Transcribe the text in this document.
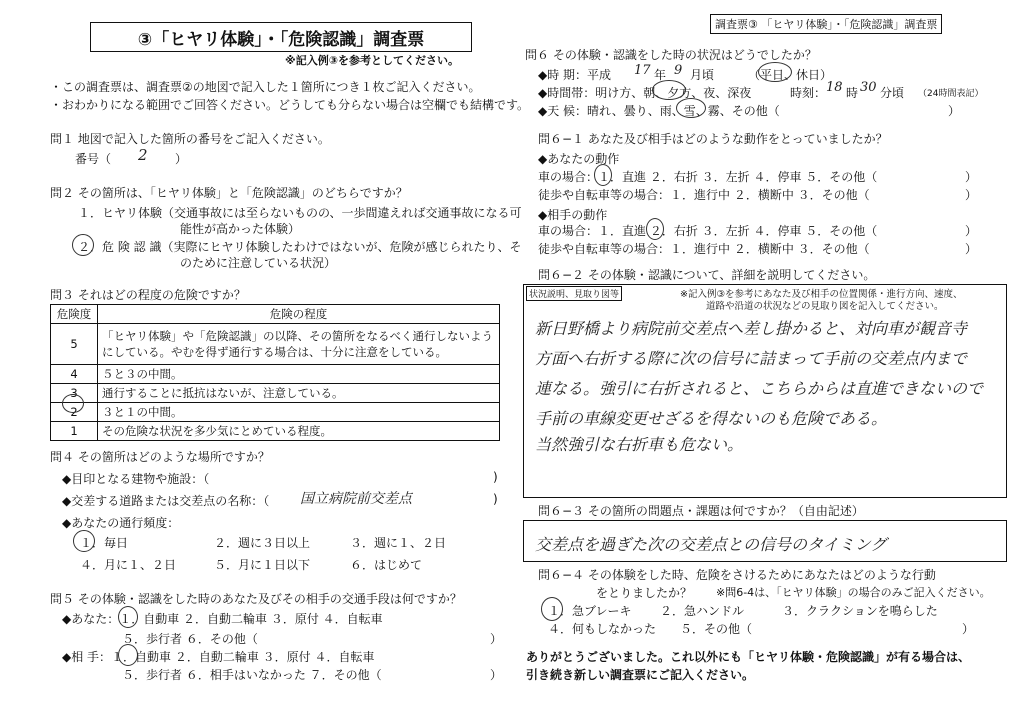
③「ヒヤリ体験」・「危険認識」調査票
※記入例③を参考としてください。
調査票③ 「ヒヤリ体験」・「危険認識」調査票
・この調査票は、調査票②の地図で記入した１箇所につき１枚ご記入ください。
・おわかりになる範囲でご回答ください。どうしても分らない場合は空欄でも結構です。
問１ 地図で記入した箇所の番号をご記入ください。
番号（ 2 ）
問２ その箇所は、「ヒヤリ体験」と「危険認識」のどちらですか？
１．ヒヤリ体験（交通事故には至らないものの、一歩間違えれば交通事故になる可
能性が高かった体験）
２．危 険 認 識（実際にヒヤリ体験したわけではないが、危険が感じられたり、そ
のために注意している状況）
問３ それはどの程度の危険ですか？
危険度	危険の程度
5	「ヒヤリ体験」や「危険認識」の以降、その箇所をなるべく通行しないようにしている。やむを得ず通行する場合は、十分に注意をしている。
4	５と３の中間。
3	通行することに抵抗はないが、注意している。
2	３と１の中間。
1	その危険な状況を多少気にとめている程度。
問４ その箇所はどのような場所ですか？
◆目印となる建物や施設：（	)
◆交差する道路または交差点の名称：（ 国立病院前交差点	)
◆あなたの通行頻度：
１．毎日	２．週に３日以上	３．週に１、２日
４．月に１、２日	５．月に１日以下	６．はじめて
問５ その体験・認識をした時のあなた及びその相手の交通手段は何ですか？
◆あなた：１．自動車 ２．自動二輪車 ３．原付 ４．自転車
５．歩行者 ６．その他（	）
◆相 手：１．自動車 ２．自動二輪車 ３．原付 ４．自転車
５．歩行者 ６．相手はいなかった ７．その他（	）
問６ その体験・認識をした時の状況はどうでしたか？
◆時 期：平成 17 年 9 月頃	（平日、休日）
◆時間帯：明け方、朝、夕方、夜、深夜	時刻： 18 時 30 分頃 （24時間表記）
◆天 候：晴れ、曇り、雨、雪、霧、その他（	）
問６−１ あなた及び相手はどのような動作をとっていましたか？
◆あなたの動作
車の場合：１．直進 ２．右折 ３．左折 ４．停車 ５．その他（	）
徒歩や自転車等の場合：１．進行中 ２．横断中 ３．その他（	）
◆相手の動作
車の場合：１．直進 ２．右折 ３．左折 ４．停車 ５．その他（	）
徒歩や自転車等の場合：１．進行中 ２．横断中 ３．その他（	）
問６−２ その体験・認識について、詳細を説明してください。
状況説明、見取り図等	※記入例③を参考にあなた及び相手の位置関係・進行方向、速度、
道路や沿道の状況などの見取り図を記入してください。
新日野橋より病院前交差点へ差し掛かると、対向車が観音寺
方面へ右折する際に次の信号に詰まって手前の交差点内まで
連なる。強引に右折されると、こちらからは直進できないので
手前の車線変更せざるを得ないのも危険である。
当然強引な右折車も危ない。
問６−３ その箇所の問題点・課題は何ですか？（自由記述）
交差点を過ぎた次の交差点との信号のタイミング
問６−４ その体験をした時、危険をさけるためにあなたはどのような行動
をとりましたか？ ※問6-4は、「ヒヤリ体験」の場合のみご記入ください。
１．急ブレーキ ２．急ハンドル	３．クラクションを鳴らした
４．何もしなかった ５．その他（	）
ありがとうございました。これ以外にも「ヒヤリ体験・危険認識」が有る場合は、
引き続き新しい調査票にご記入ください。
